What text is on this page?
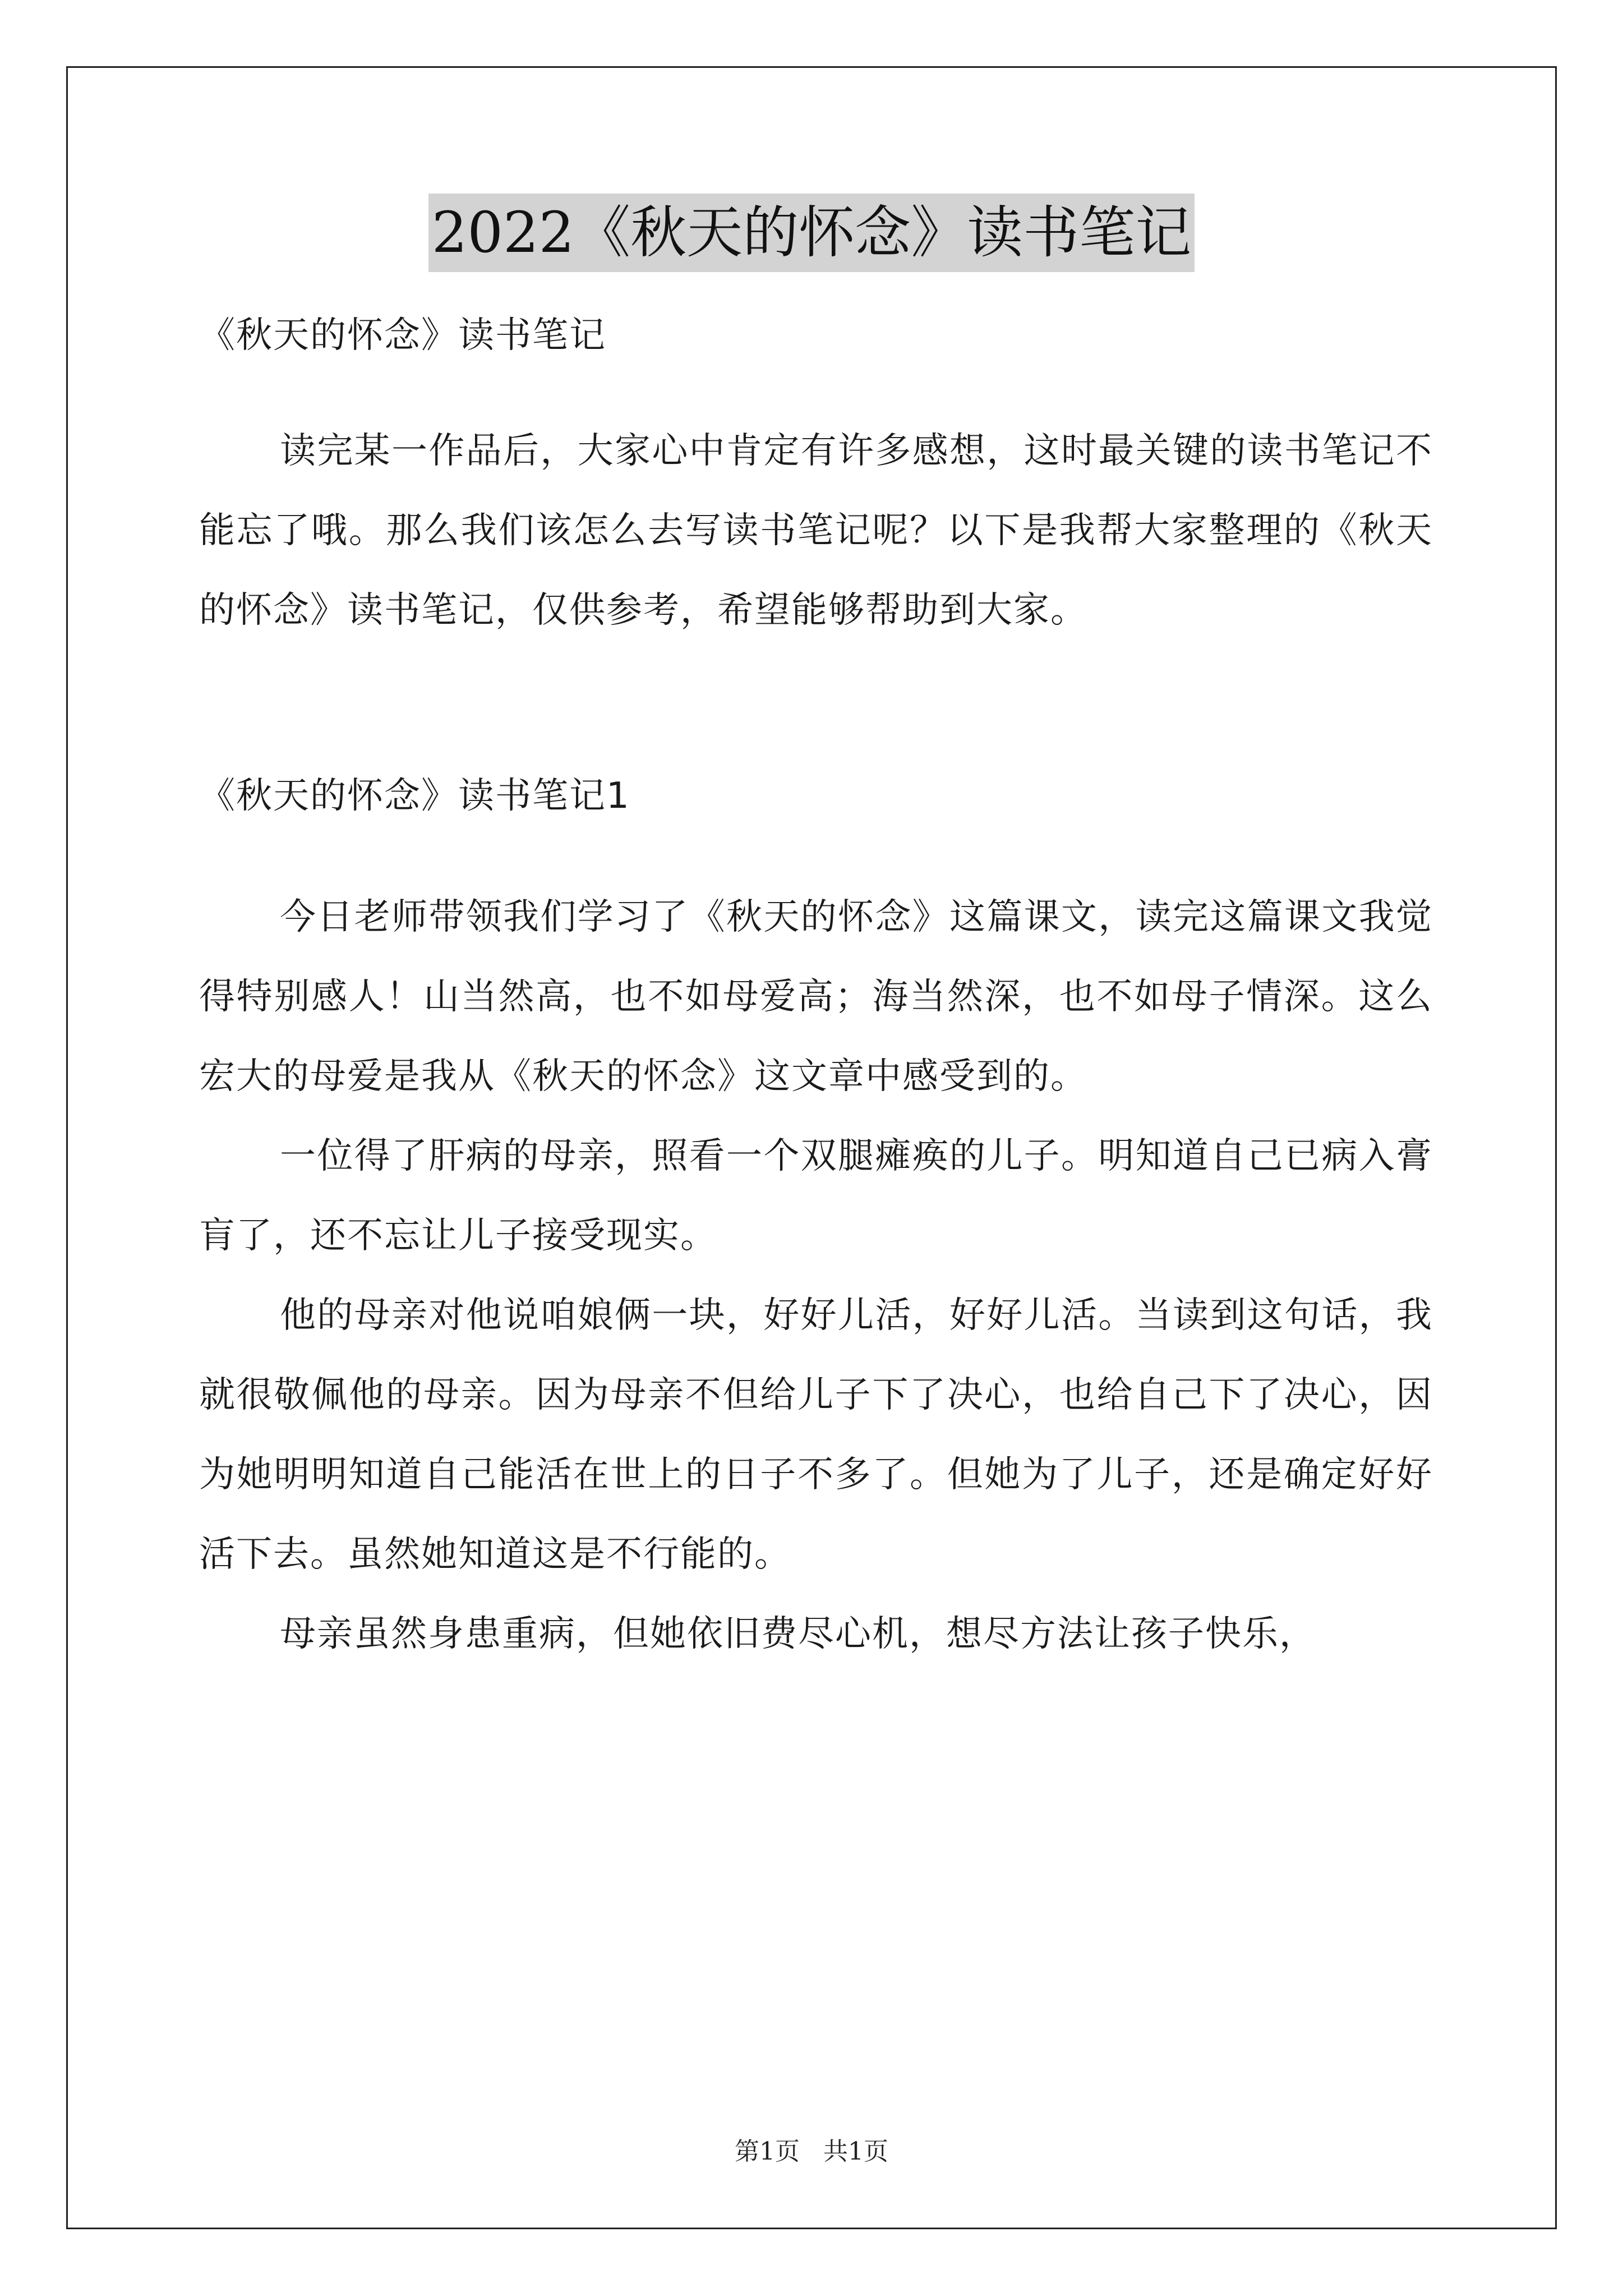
2022《秋天的怀念》读书笔记
《秋天的怀念》读书笔记

读完某一作品后，大家心中肯定有许多感想，这时最关键的读书笔记不能忘了哦。那么我们该怎么去写读书笔记呢？以下是我帮大家整理的《秋天的怀念》读书笔记，仅供参考，希望能够帮助到大家。

《秋天的怀念》读书笔记1

今日老师带领我们学习了《秋天的怀念》这篇课文，读完这篇课文我觉得特别感人！山当然高，也不如母爱高；海当然深，也不如母子情深。这么宏大的母爱是我从《秋天的怀念》这文章中感受到的。

一位得了肝病的母亲，照看一个双腿瘫痪的儿子。明知道自己已病入膏肓了，还不忘让儿子接受现实。

他的母亲对他说咱娘俩一块，好好儿活，好好儿活。当读到这句话，我就很敬佩他的母亲。因为母亲不但给儿子下了决心，也给自己下了决心，因为她明明知道自己能活在世上的日子不多了。但她为了儿子，还是确定好好活下去。虽然她知道这是不行能的。

母亲虽然身患重病，但她依旧费尽心机，想尽方法让孩子快乐，

第1页   共1页
